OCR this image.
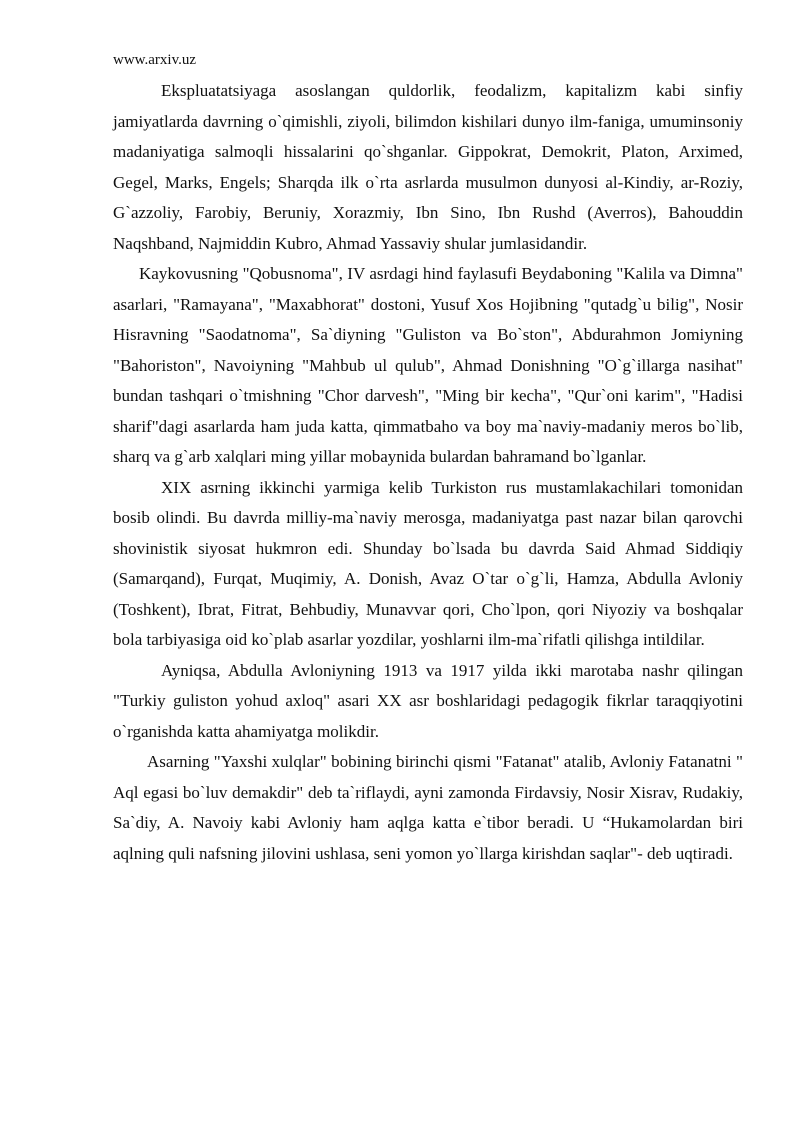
www.arxiv.uz

Ekspluatatsiyaga asoslangan quldorlik, feodalizm, kapitalizm kabi sinfiy jamiyatlarda davrning o`qimishli, ziyoli, bilimdon kishilari dunyo ilm-faniga, umuminsoniy madaniyatiga salmoqli hissalarini qo`shganlar. Gippokrat, Demokrit, Platon, Arximed, Gegel, Marks, Engels; Sharqda ilk o`rta asrlarda musulmon dunyosi al-Kindiy, ar-Roziy, G`azzoliy, Farobiy, Beruniy, Xorazmiy, Ibn Sino, Ibn Rushd (Averros), Bahouddin Naqshband, Najmiddin Kubro, Ahmad Yassaviy shular jumlasidandir.

Kaykovusning "Qobusnoma", IV asrdagi hind faylasufi Beydaboning "Kalila va Dimna" asarlari, "Ramayana", "Maxabhorat" dostoni, Yusuf Xos Hojibning "qutadg`u bilig", Nosir Hisravning "Saodatnoma", Sa`diyning "Guliston va Bo`ston", Abdurahmon Jomiyning "Bahoriston", Navoiyning "Mahbub ul qulub", Ahmad Donishning "O`g`illarga nasihat" bundan tashqari o`tmishning "Chor darvesh", "Ming bir kecha", "Qur`oni karim", "Hadisi sharif"dagi asarlarda ham juda katta, qimmatbaho va boy ma`naviy-madaniy meros bo`lib, sharq va g`arb xalqlari ming yillar mobaynida bulardan bahramand bo`lganlar.

XIX asrning ikkinchi yarmiga kelib Turkiston rus mustamlakachilari tomonidan bosib olindi. Bu davrda milliy-ma`naviy merosga, madaniyatga past nazar bilan qarovchi shovinistik siyosat hukmron edi. Shunday bo`lsada bu davrda Said Ahmad Siddiqiy (Samarqand), Furqat, Muqimiy, A. Donish, Avaz O`tar o`g`li, Hamza, Abdulla Avloniy (Toshkent), Ibrat, Fitrat, Behbudiy, Munavvar qori, Cho`lpon, qori Niyoziy va boshqalar bola tarbiyasiga oid ko`plab asarlar yozdilar, yoshlarni ilm-ma`rifatli qilishga intildilar.

Ayniqsa, Abdulla Avloniyning 1913 va 1917 yilda ikki marotaba nashr qilingan "Turkiy guliston yohud axloq" asari XX asr boshlaridagi pedagogik fikrlar taraqqiyotini o`rganishda katta ahamiyatga molikdir.

Asarning "Yaxshi xulqlar" bobining birinchi qismi "Fatanat" atalib, Avloniy Fatanatni " Aql egasi bo`luv demakdir" deb ta`riflaydi, ayni zamonda Firdavsiy, Nosir Xisrav, Rudakiy, Sa`diy, A. Navoiy kabi Avloniy ham aqlga katta e`tibor beradi. U “Hukamolardan biri aqlning quli nafsning jilovini ushlasa, seni yomon yo`llarga kirishdan saqlar"- deb uqtiradi.
